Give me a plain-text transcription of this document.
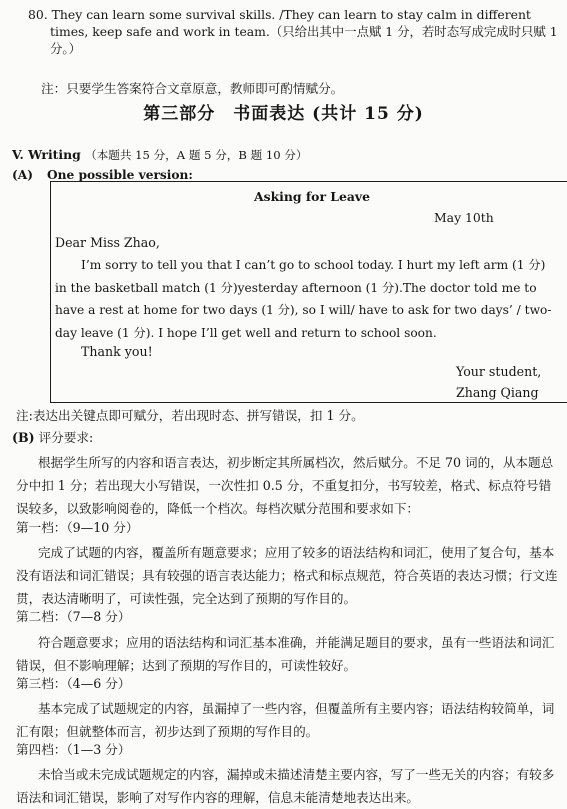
80. They can learn some survival skills. /They can learn to stay calm in different times, keep safe and work in team.（只给出其中一点赋 1 分，若时态写成完成时只赋 1 分。）
注：只要学生答案符合文章原意，教师即可酌情赋分。
第三部分　书面表达 (共计 15 分)
V. Writing （本题共 15 分，A 题 5 分，B 题 10 分）
(A) One possible version:
Asking for Leave
May 10th
Dear Miss Zhao,
I’m sorry to tell you that I can’t go to school today. I hurt my left arm (1 分) in the basketball match (1 分)yesterday afternoon (1 分).The doctor told me to have a rest at home for two days (1 分), so I will/ have to ask for two days’ / two-day leave (1 分). I hope I’ll get well and return to school soon.
Thank you!
Your student,
Zhang Qiang
注:表达出关键点即可赋分，若出现时态、拼写错误，扣 1 分。
(B) 评分要求:
根据学生所写的内容和语言表达，初步断定其所属档次，然后赋分。不足 70 词的，从本题总分中扣 1 分；若出现大小写错误，一次性扣 0.5 分，不重复扣分，书写较差，格式、标点符号错误较多，以致影响阅卷的，降低一个档次。每档次赋分范围和要求如下：
第一档：（9—10 分）
完成了试题的内容，覆盖所有题意要求；应用了较多的语法结构和词汇，使用了复合句，基本没有语法和词汇错误；具有较强的语言表达能力；格式和标点规范，符合英语的表达习惯；行文连贯，表达清晰明了，可读性强，完全达到了预期的写作目的。
第二档：（7—8 分）
符合题意要求；应用的语法结构和词汇基本准确，并能满足题目的要求，虽有一些语法和词汇错误，但不影响理解；达到了预期的写作目的，可读性较好。
第三档：（4—6 分）
基本完成了试题规定的内容，虽漏掉了一些内容，但覆盖所有主要内容；语法结构较简单，词汇有限；但就整体而言，初步达到了预期的写作目的。
第四档：（1—3 分）
未恰当或未完成试题规定的内容，漏掉或未描述清楚主要内容，写了一些无关的内容；有较多语法和词汇错误，影响了对写作内容的理解，信息未能清楚地表达出来。
